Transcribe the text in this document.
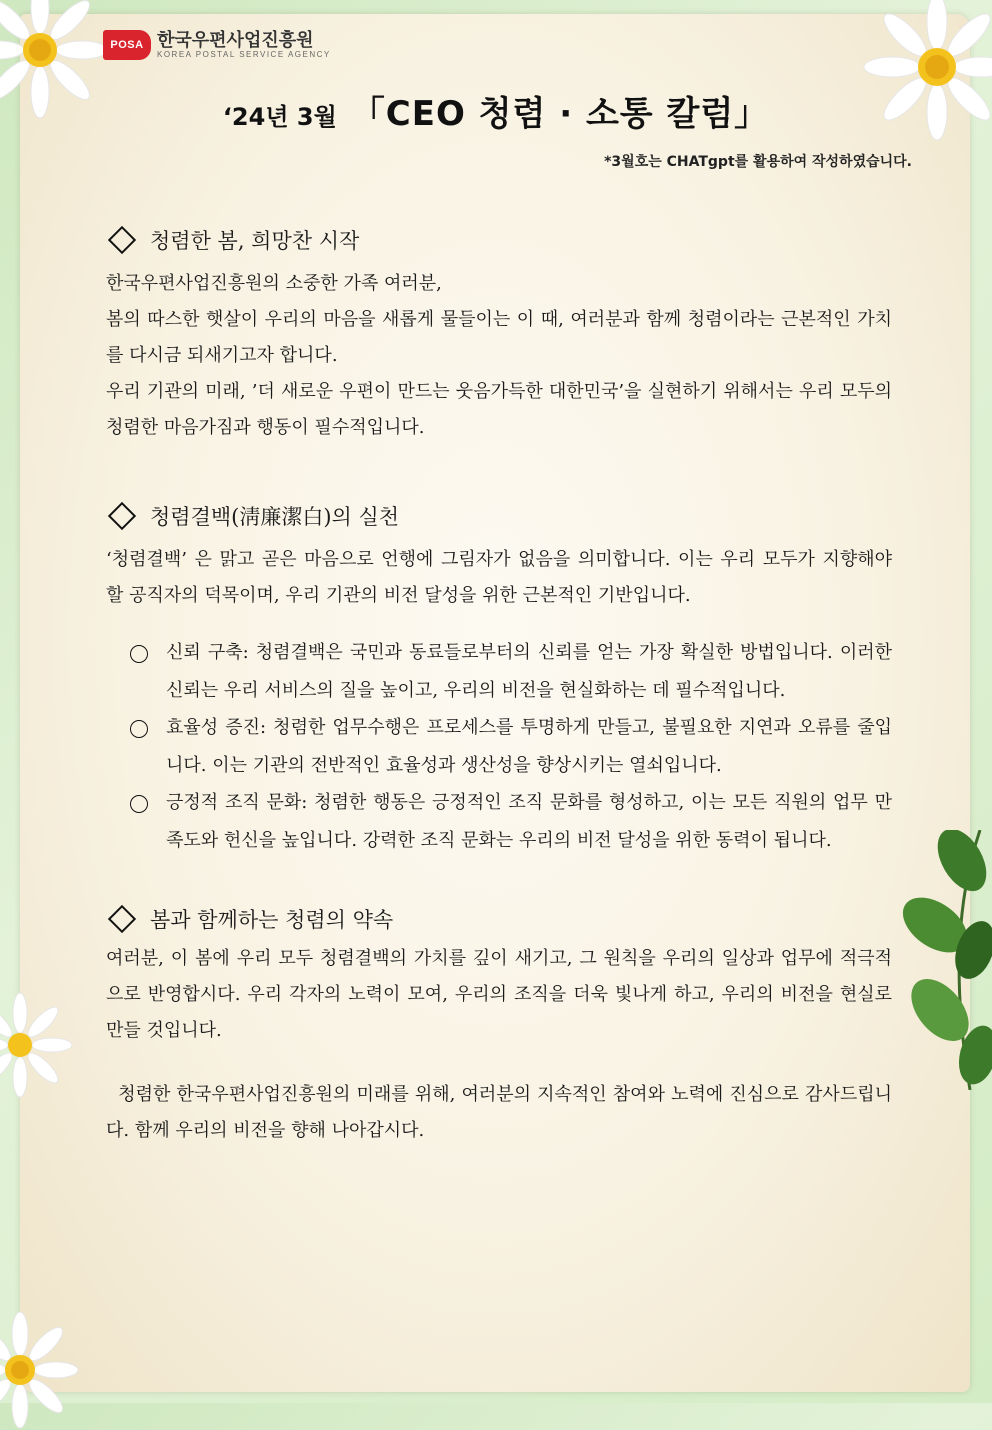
POSA 한국우편사업진흥원
KOREA POSTAL SERVICE AGENCY
‘24년 3월 「CEO 청렴 · 소통 칼럼」
*3월호는 CHATgpt를 활용하여 작성하였습니다.
청렴한 봄, 희망찬 시작

한국우편사업진흥원의 소중한 가족 여러분,

봄의 따스한 햇살이 우리의 마음을 새롭게 물들이는 이 때, 여러분과 함께 청렴이라는 근본적인 가치를 다시금 되새기고자 합니다.

우리 기관의 미래, ’더 새로운 우편이 만드는 웃음가득한 대한민국’을 실현하기 위해서는 우리 모두의 청렴한 마음가짐과 행동이 필수적입니다.

청렴결백(淸廉潔白)의 실천

‘청렴결백’ 은 맑고 곧은 마음으로 언행에 그림자가 없음을 의미합니다. 이는 우리 모두가 지향해야 할 공직자의 덕목이며, 우리 기관의 비전 달성을 위한 근본적인 기반입니다.

신뢰 구축: 청렴결백은 국민과 동료들로부터의 신뢰를 얻는 가장 확실한 방법입니다. 이러한 신뢰는 우리 서비스의 질을 높이고, 우리의 비전을 현실화하는 데 필수적입니다.
효율성 증진: 청렴한 업무수행은 프로세스를 투명하게 만들고, 불필요한 지연과 오류를 줄입니다. 이는 기관의 전반적인 효율성과 생산성을 향상시키는 열쇠입니다.
긍정적 조직 문화: 청렴한 행동은 긍정적인 조직 문화를 형성하고, 이는 모든 직원의 업무 만족도와 헌신을 높입니다. 강력한 조직 문화는 우리의 비전 달성을 위한 동력이 됩니다.
봄과 함께하는 청렴의 약속

여러분, 이 봄에 우리 모두 청렴결백의 가치를 깊이 새기고, 그 원칙을 우리의 일상과 업무에 적극적으로 반영합시다. 우리 각자의 노력이 모여, 우리의 조직을 더욱 빛나게 하고, 우리의 비전을 현실로 만들 것입니다.

청렴한 한국우편사업진흥원의 미래를 위해, 여러분의 지속적인 참여와 노력에 진심으로 감사드립니다. 함께 우리의 비전을 향해 나아갑시다.
